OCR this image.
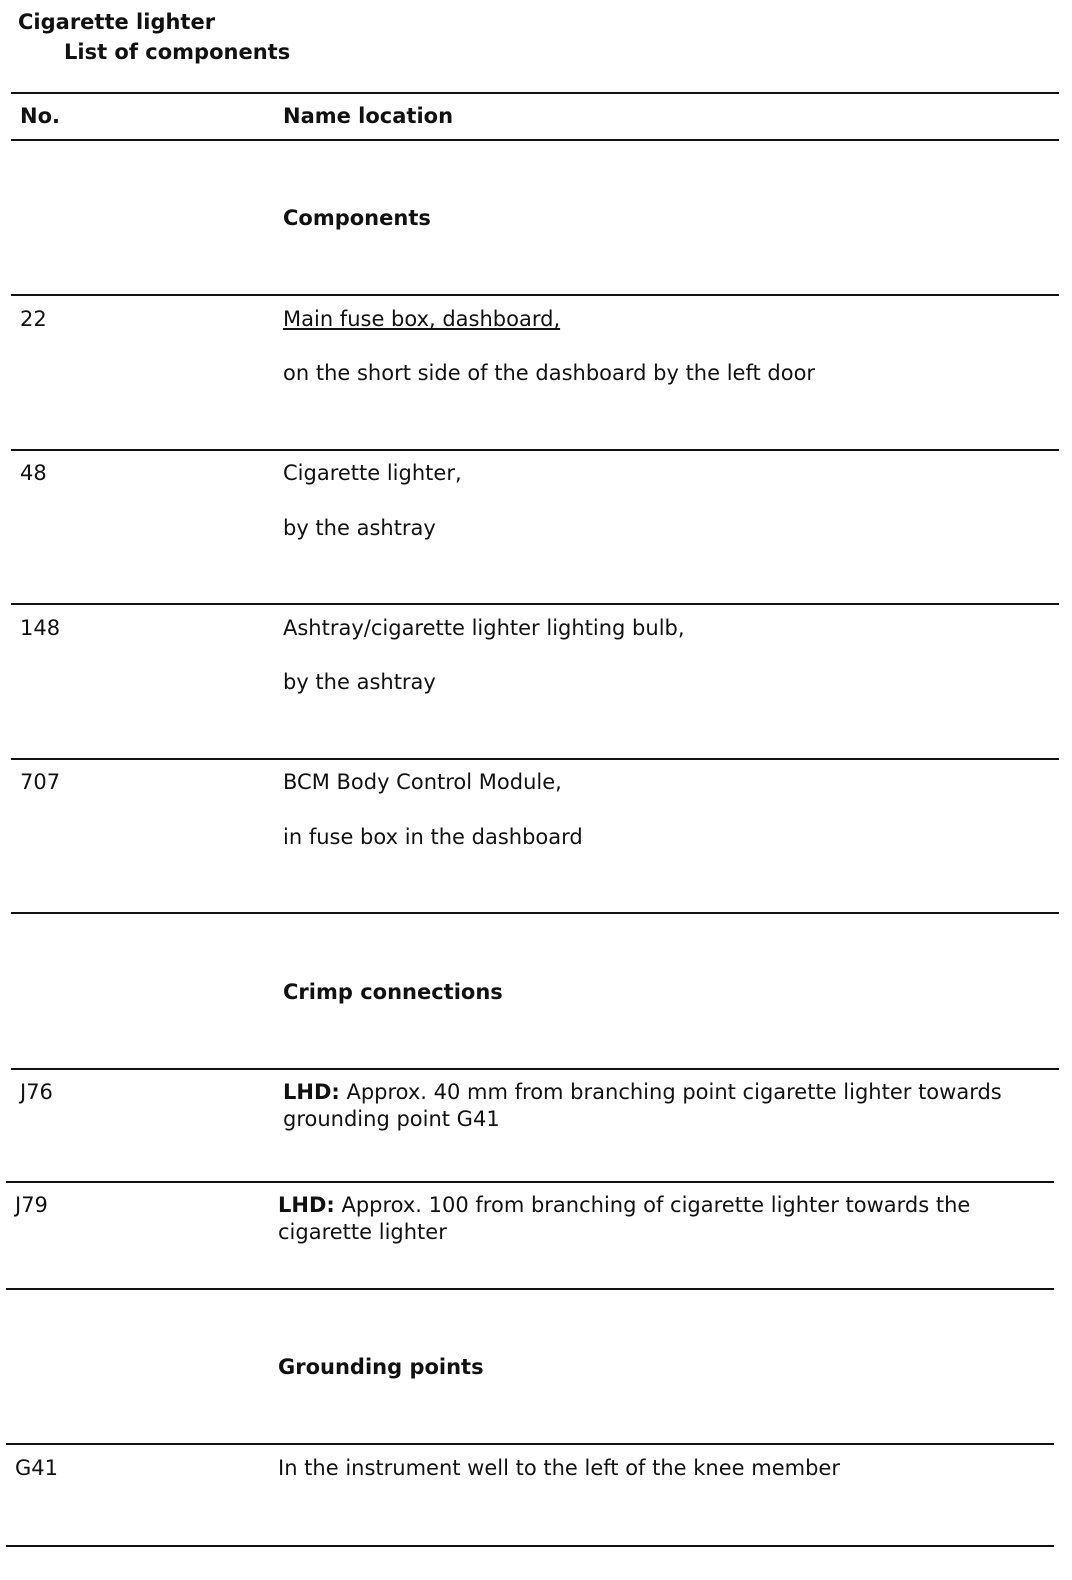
Cigarette lighter
List of components
No.	Name location
Components
22	Main fuse box, dashboard,
on the short side of the dashboard by the left door
48	Cigarette lighter,
by the ashtray
148	Ashtray/cigarette lighter lighting bulb,
by the ashtray
707	BCM Body Control Module,
in fuse box in the dashboard
Crimp connections
J76	LHD: Approx. 40 mm from branching point cigarette lighter towards grounding point G41
J79	LHD: Approx. 100 from branching of cigarette lighter towards the cigarette lighter
Grounding points
G41	In the instrument well to the left of the knee member
